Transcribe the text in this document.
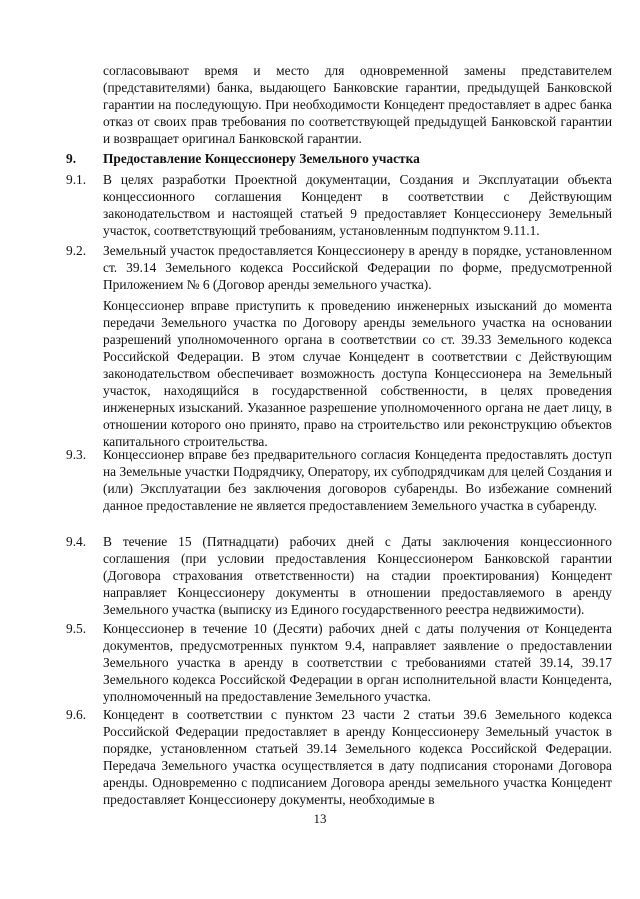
согласовывают время и место для одновременной замены представителем (представителями) банка, выдающего Банковские гарантии, предыдущей Банковской гарантии на последующую. При необходимости Концедент предоставляет в адрес банка отказ от своих прав требования по соответствующей предыдущей Банковской гарантии и возвращает оригинал Банковской гарантии.
9.	Предоставление Концессионеру Земельного участка
9.1.	В целях разработки Проектной документации, Создания и Эксплуатации объекта концессионного соглашения Концедент в соответствии с Действующим законодательством и настоящей статьей 9 предоставляет Концессионеру Земельный участок, соответствующий требованиям, установленным подпунктом 9.11.1.
9.2.	Земельный участок предоставляется Концессионеру в аренду в порядке, установленном ст. 39.14 Земельного кодекса Российской Федерации по форме, предусмотренной Приложением № 6 (Договор аренды земельного участка).
Концессионер вправе приступить к проведению инженерных изысканий до момента передачи Земельного участка по Договору аренды земельного участка на основании разрешений уполномоченного органа в соответствии со ст. 39.33 Земельного кодекса Российской Федерации. В этом случае Концедент в соответствии с Действующим законодательством обеспечивает возможность доступа Концессионера на Земельный участок, находящийся в государственной собственности, в целях проведения инженерных изысканий. Указанное разрешение уполномоченного органа не дает лицу, в отношении которого оно принято, право на строительство или реконструкцию объектов капитального строительства.
9.3.	Концессионер вправе без предварительного согласия Концедента предоставлять доступ на Земельные участки Подрядчику, Оператору, их субподрядчикам для целей Создания и (или) Эксплуатации без заключения договоров субаренды. Во избежание сомнений данное предоставление не является предоставлением Земельного участка в субаренду.
9.4.	В течение 15 (Пятнадцати) рабочих дней с Даты заключения концессионного соглашения (при условии предоставления Концессионером Банковской гарантии (Договора страхования ответственности) на стадии проектирования) Концедент направляет Концессионеру документы в отношении предоставляемого в аренду Земельного участка (выписку из Единого государственного реестра недвижимости).
9.5.	Концессионер в течение 10 (Десяти) рабочих дней с даты получения от Концедента документов, предусмотренных пунктом 9.4, направляет заявление о предоставлении Земельного участка в аренду в соответствии с требованиями статей 39.14, 39.17 Земельного кодекса Российской Федерации в орган исполнительной власти Концедента, уполномоченный на предоставление Земельного участка.
9.6.	Концедент в соответствии с пунктом 23 части 2 статьи 39.6 Земельного кодекса Российской Федерации предоставляет в аренду Концессионеру Земельный участок в порядке, установленном статьей 39.14 Земельного кодекса Российской Федерации. Передача Земельного участка осуществляется в дату подписания сторонами Договора аренды. Одновременно с подписанием Договора аренды земельного участка Концедент предоставляет Концессионеру документы, необходимые в
13
